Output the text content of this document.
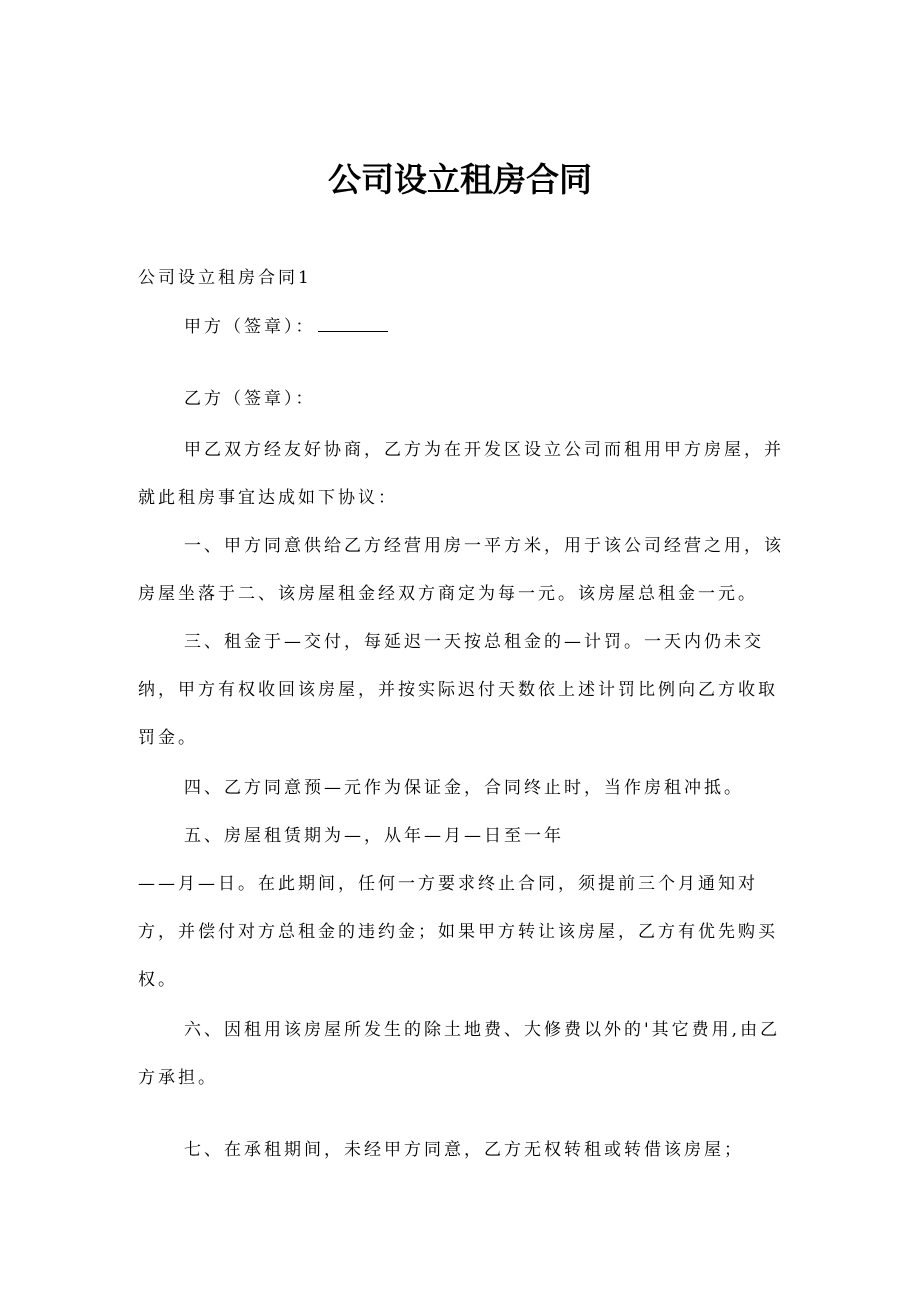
公司设立租房合同
公司设立租房合同1
甲方（签章）：
乙方（签章）：
甲乙双方经友好协商，乙方为在开发区设立公司而租用甲方房屋，并
就此租房事宜达成如下协议：
一、甲方同意供给乙方经营用房一平方米，用于该公司经营之用，该
房屋坐落于二、该房屋租金经双方商定为每一元。该房屋总租金一元。
三、租金于—交付，每延迟一天按总租金的—计罚。一天内仍未交
纳，甲方有权收回该房屋，并按实际迟付天数依上述计罚比例向乙方收取
罚金。
四、乙方同意预—元作为保证金，合同终止时，当作房租冲抵。
五、房屋租赁期为—，从年—月—日至一年
——月—日。在此期间，任何一方要求终止合同，须提前三个月通知对
方，并偿付对方总租金的违约金；如果甲方转让该房屋，乙方有优先购买
权。
六、因租用该房屋所发生的除土地费、大修费以外的'其它费用,由乙
方承担。
七、在承租期间，未经甲方同意，乙方无权转租或转借该房屋；
